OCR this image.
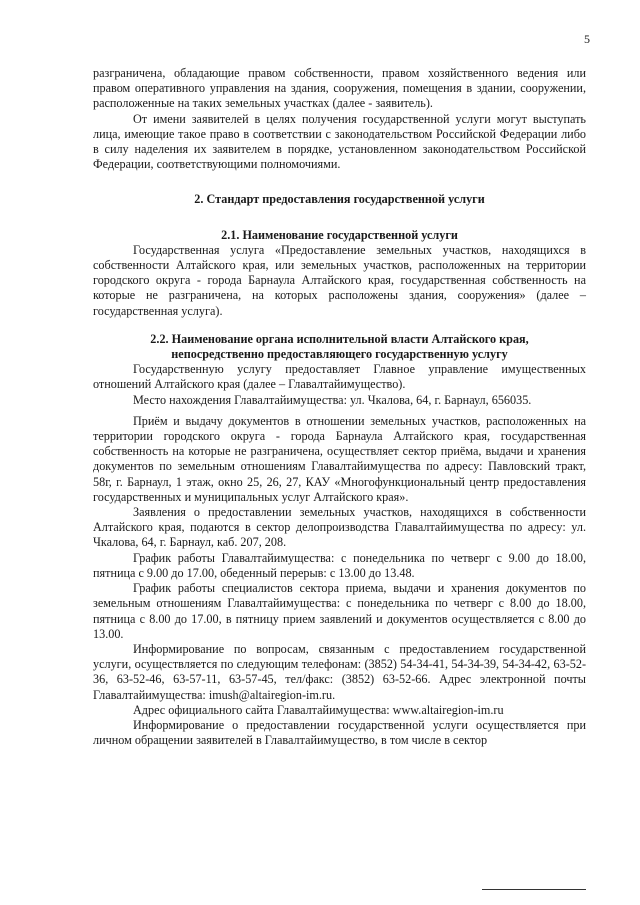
5

разграничена, обладающие правом собственности, правом хозяйственного ведения или правом оперативного управления на здания, сооружения, помещения в здании, сооружении, расположенные на таких земельных участках (далее - заявитель).

От имени заявителей в целях получения государственной услуги могут выступать лица, имеющие такое право в соответствии с законодательством Российской Федерации либо в силу наделения их заявителем в порядке, установленном законодательством Российской Федерации, соответствующими полномочиями.

2. Стандарт предоставления государственной услуги

2.1. Наименование государственной услуги

Государственная услуга «Предоставление земельных участков, находящихся в собственности Алтайского края, или земельных участков, расположенных на территории городского округа - города Барнаула Алтайского края, государственная собственность на которые не разграничена, на которых расположены здания, сооружения» (далее – государственная услуга).

2.2. Наименование органа исполнительной власти Алтайского края,

непосредственно предоставляющего государственную услугу

Государственную услугу предоставляет Главное управление имущественных отношений Алтайского края (далее – Главалтайимущество).

Место нахождения Главалтайимущества: ул. Чкалова, 64, г. Барнаул, 656035.

Приём и выдачу документов в отношении земельных участков, расположенных на территории городского округа - города Барнаула Алтайского края, государственная собственность на которые не разграничена, осуществляет сектор приёма, выдачи и хранения документов по земельным отношениям Главалтайимущества по адресу: Павловский тракт, 58г, г. Барнаул, 1 этаж, окно 25, 26, 27, КАУ «Многофункциональный центр предоставления государственных и муниципальных услуг Алтайского края».

Заявления о предоставлении земельных участков, находящихся в собственности Алтайского края, подаются в сектор делопроизводства Главалтайимущества по адресу: ул. Чкалова, 64, г. Барнаул, каб. 207, 208.

График работы Главалтайимущества: с понедельника по четверг с 9.00 до 18.00, пятница с 9.00 до 17.00, обеденный перерыв: с 13.00 до 13.48.

График работы специалистов сектора приема, выдачи и хранения документов по земельным отношениям Главалтайимущества: с понедельника по четверг с 8.00 до 18.00, пятница с 8.00 до 17.00, в пятницу прием заявлений и документов осуществляется с 8.00 до 13.00.

Информирование по вопросам, связанным с предоставлением государственной услуги, осуществляется по следующим телефонам: (3852) 54-34-41, 54-34-39, 54-34-42, 63-52-36, 63-52-46, 63-57-11, 63-57-45, тел/факс: (3852) 63-52-66. Адрес электронной почты Главалтайимущества: imush@altairegion-im.ru.

Адрес официального сайта Главалтайимущества: www.altairegion-im.ru

Информирование о предоставлении государственной услуги осуществляется при личном обращении заявителей в Главалтайимущество, в том числе в сектор
